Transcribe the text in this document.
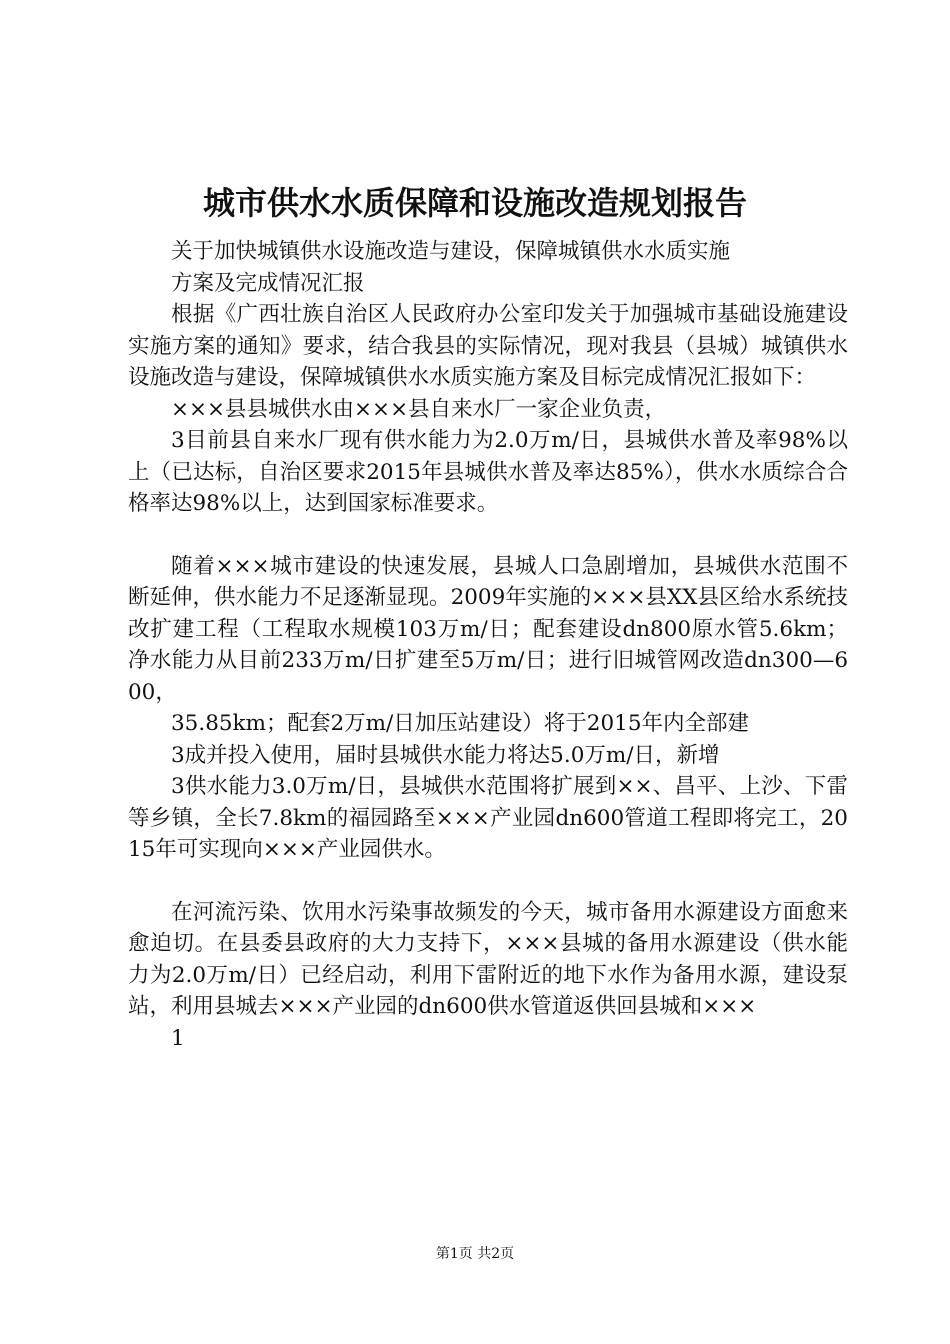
城市供水水质保障和设施改造规划报告

关于加快城镇供水设施改造与建设，保障城镇供水水质实施

方案及完成情况汇报

根据《广西壮族自治区人民政府办公室印发关于加强城市基础设施建设实施方案的通知》要求，结合我县的实际情况，现对我县（县城）城镇供水设施改造与建设，保障城镇供水水质实施方案及目标完成情况汇报如下：

×××县县城供水由×××县自来水厂一家企业负责，

3目前县自来水厂现有供水能力为2.0万m/日，县城供水普及率98%以上（已达标，自治区要求2015年县城供水普及率达85%），供水水质综合合格率达98%以上，达到国家标准要求。

随着×××城市建设的快速发展，县城人口急剧增加，县城供水范围不断延伸，供水能力不足逐渐显现。2009年实施的×××县XX县区给水系统技改扩建工程（工程取水规模103万m/日；配套建设dn800原水管5.6km；净水能力从目前233万m/日扩建至5万m/日；进行旧城管网改造dn300—600，

35.85km；配套2万m/日加压站建设）将于2015年内全部建

3成并投入使用，届时县城供水能力将达5.0万m/日，新增

3供水能力3.0万m/日，县城供水范围将扩展到××、昌平、上沙、下雷等乡镇，全长7.8km的福园路至×××产业园dn600管道工程即将完工，2015年可实现向×××产业园供水。

在河流污染、饮用水污染事故频发的今天，城市备用水源建设方面愈来愈迫切。在县委县政府的大力支持下，×××县城的备用水源建设（供水能力为2.0万m/日）已经启动，利用下雷附近的地下水作为备用水源，建设泵站，利用县城去×××产业园的dn600供水管道返供回县城和×××

1

第1页 共2页
